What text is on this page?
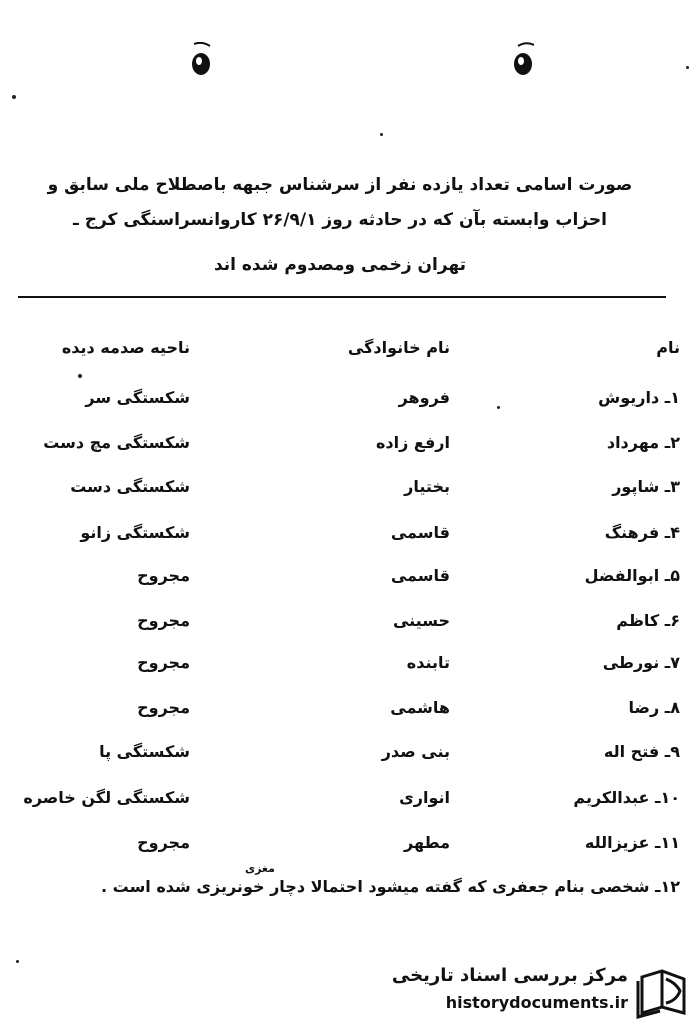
صورت اسامی تعداد یازده نفر از سرشناس جبهه باصطلاح ملی سابق و
احزاب وابسته بآن که در حادثه روز ۲۶/۹/۱ کاروانسراسنگی کرج ـ
تهران زخمی ومصدوم شده اند
نام
نام خانوادگی
ناحیه صدمه دیده
۱ـ داریوش
فروهر
شکستگی سر
۲ـ مهرداد
ارفع زاده
شکستگی مچ دست
۳ـ شاپور
بختیار
شکستگی دست
۴ـ فرهنگ
قاسمی
شکستگی زانو
۵ـ ابوالفضل
قاسمی
مجروح
۶ـ کاظم
حسینی
مجروح
۷ـ نورطی
تابنده
مجروح
۸ـ رضا
هاشمی
مجروح
۹ـ فتح اله
بنی صدر
شکستگی پا
۱۰ـ عبدالکریم
انواری
شکستگی لگن خاصره
۱۱ـ عزیزالله
مطهر
مجروح
مغزی
۱۲ـ شخصی بنام جعفری که گفته میشود احتمالا دچار خونریزی شده است .
مرکز بررسی اسناد تاریخی
historydocuments.ir
